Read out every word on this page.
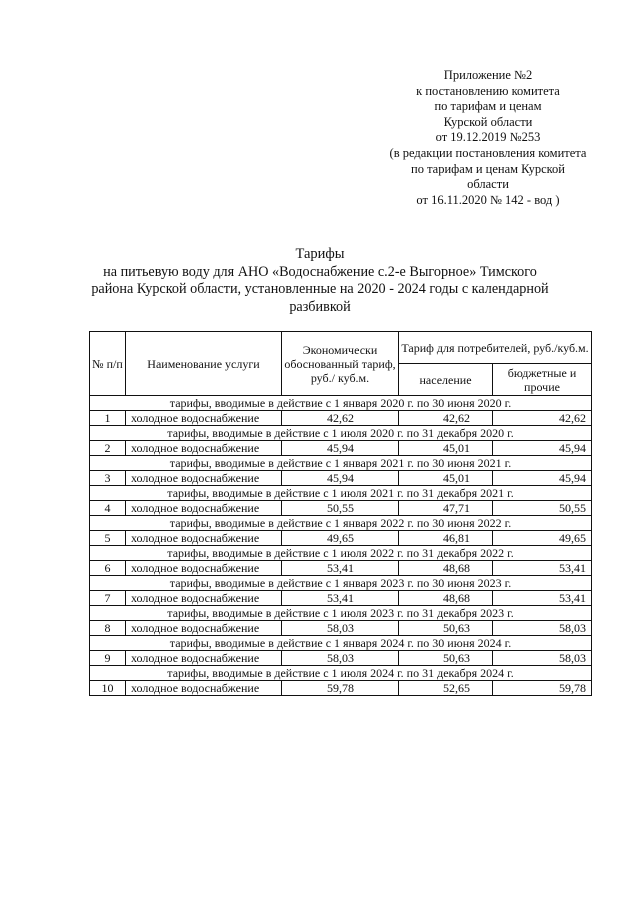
Приложение №2
к постановлению комитета
по тарифам и ценам
Курской области
от 19.12.2019 №253
(в редакции постановления комитета
по тарифам и ценам Курской
области
от 16.11.2020 № 142 - вод )
Тарифы
на питьевую воду для АНО «Водоснабжение с.2-е Выгорное» Тимского
района Курской области, установленные на 2020 - 2024 годы с календарной
разбивкой
№ п/п	Наименование услуги	Экономически обоснованный тариф, руб./ куб.м.	Тариф для потребителей, руб./куб.м.	
			население	бюджетные и прочие
тарифы, вводимые в действие с 1 января 2020 г. по 30 июня 2020 г.				
1	холодное водоснабжение	42,62	42,62	42,62
тарифы, вводимые в действие с 1 июля 2020 г. по 31 декабря 2020 г.				
2	холодное водоснабжение	45,94	45,01	45,94
тарифы, вводимые в действие с 1 января 2021 г. по 30 июня 2021 г.				
3	холодное водоснабжение	45,94	45,01	45,94
тарифы, вводимые в действие с 1 июля 2021 г. по 31 декабря 2021 г.				
4	холодное водоснабжение	50,55	47,71	50,55
тарифы, вводимые в действие с 1 января 2022 г. по 30 июня 2022 г.				
5	холодное водоснабжение	49,65	46,81	49,65
тарифы, вводимые в действие с 1 июля 2022 г. по 31 декабря 2022 г.				
6	холодное водоснабжение	53,41	48,68	53,41
тарифы, вводимые в действие с 1 января 2023 г. по 30 июня 2023 г.				
7	холодное водоснабжение	53,41	48,68	53,41
тарифы, вводимые в действие с 1 июля 2023 г. по 31 декабря 2023 г.				
8	холодное водоснабжение	58,03	50,63	58,03
тарифы, вводимые в действие с 1 января 2024 г. по 30 июня 2024 г.				
9	холодное водоснабжение	58,03	50,63	58,03
тарифы, вводимые в действие с 1 июля 2024 г. по 31 декабря 2024 г.				
10	холодное водоснабжение	59,78	52,65	59,78
